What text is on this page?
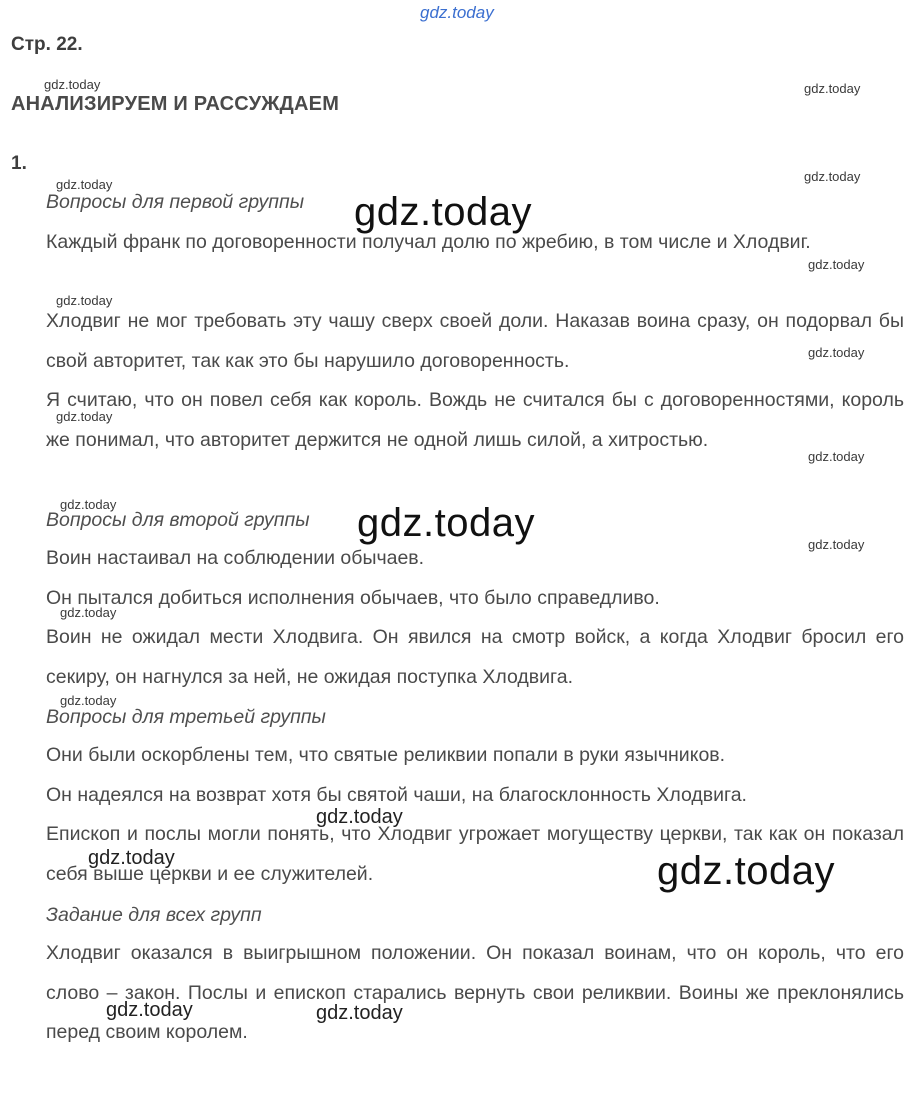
Стр. 22.
АНАЛИЗИРУЕМ И РАССУЖДАЕМ
1.
Вопросы для первой группы
Каждый франк по договоренности получал долю по жребию, в том числе и Хлодвиг.
Хлодвиг не мог требовать эту чашу сверх своей доли. Наказав воина сразу, он подорвал бы свой авторитет, так как это бы нарушило договоренность.
Я считаю, что он повел себя как король. Вождь не считался бы с договоренностями, король же понимал, что авторитет держится не одной лишь силой, а хитростью.
Вопросы для второй группы
Воин настаивал на соблюдении обычаев.
Он пытался добиться исполнения обычаев, что было справедливо.
Воин не ожидал мести Хлодвига. Он явился на смотр войск, а когда Хлодвиг бросил его секиру, он нагнулся за ней, не ожидая поступка Хлодвига.
Вопросы для третьей группы
Они были оскорблены тем, что святые реликвии попали в руки язычников.
Он надеялся на возврат хотя бы святой чаши, на благосклонность Хлодвига.
Епископ и послы могли понять, что Хлодвиг угрожает могуществу церкви, так как он показал себя выше церкви и ее служителей.
Задание для всех групп
Хлодвиг оказался в выигрышном положении. Он показал воинам, что он король, что его слово – закон. Послы и епископ старались вернуть свои реликвии. Воины же преклонялись перед своим королем.
gdz.today
gdz.today	gdz.today
gdz.today
gdz.today
gdz.today
gdz.today
gdz.today
gdz.today
gdz.today
gdz.today
gdz.today	gdz.today	gdz.today
gdz.today
gdz.today
gdz.today
gdz.today	gdz.today
gdz.today	gdz.today
